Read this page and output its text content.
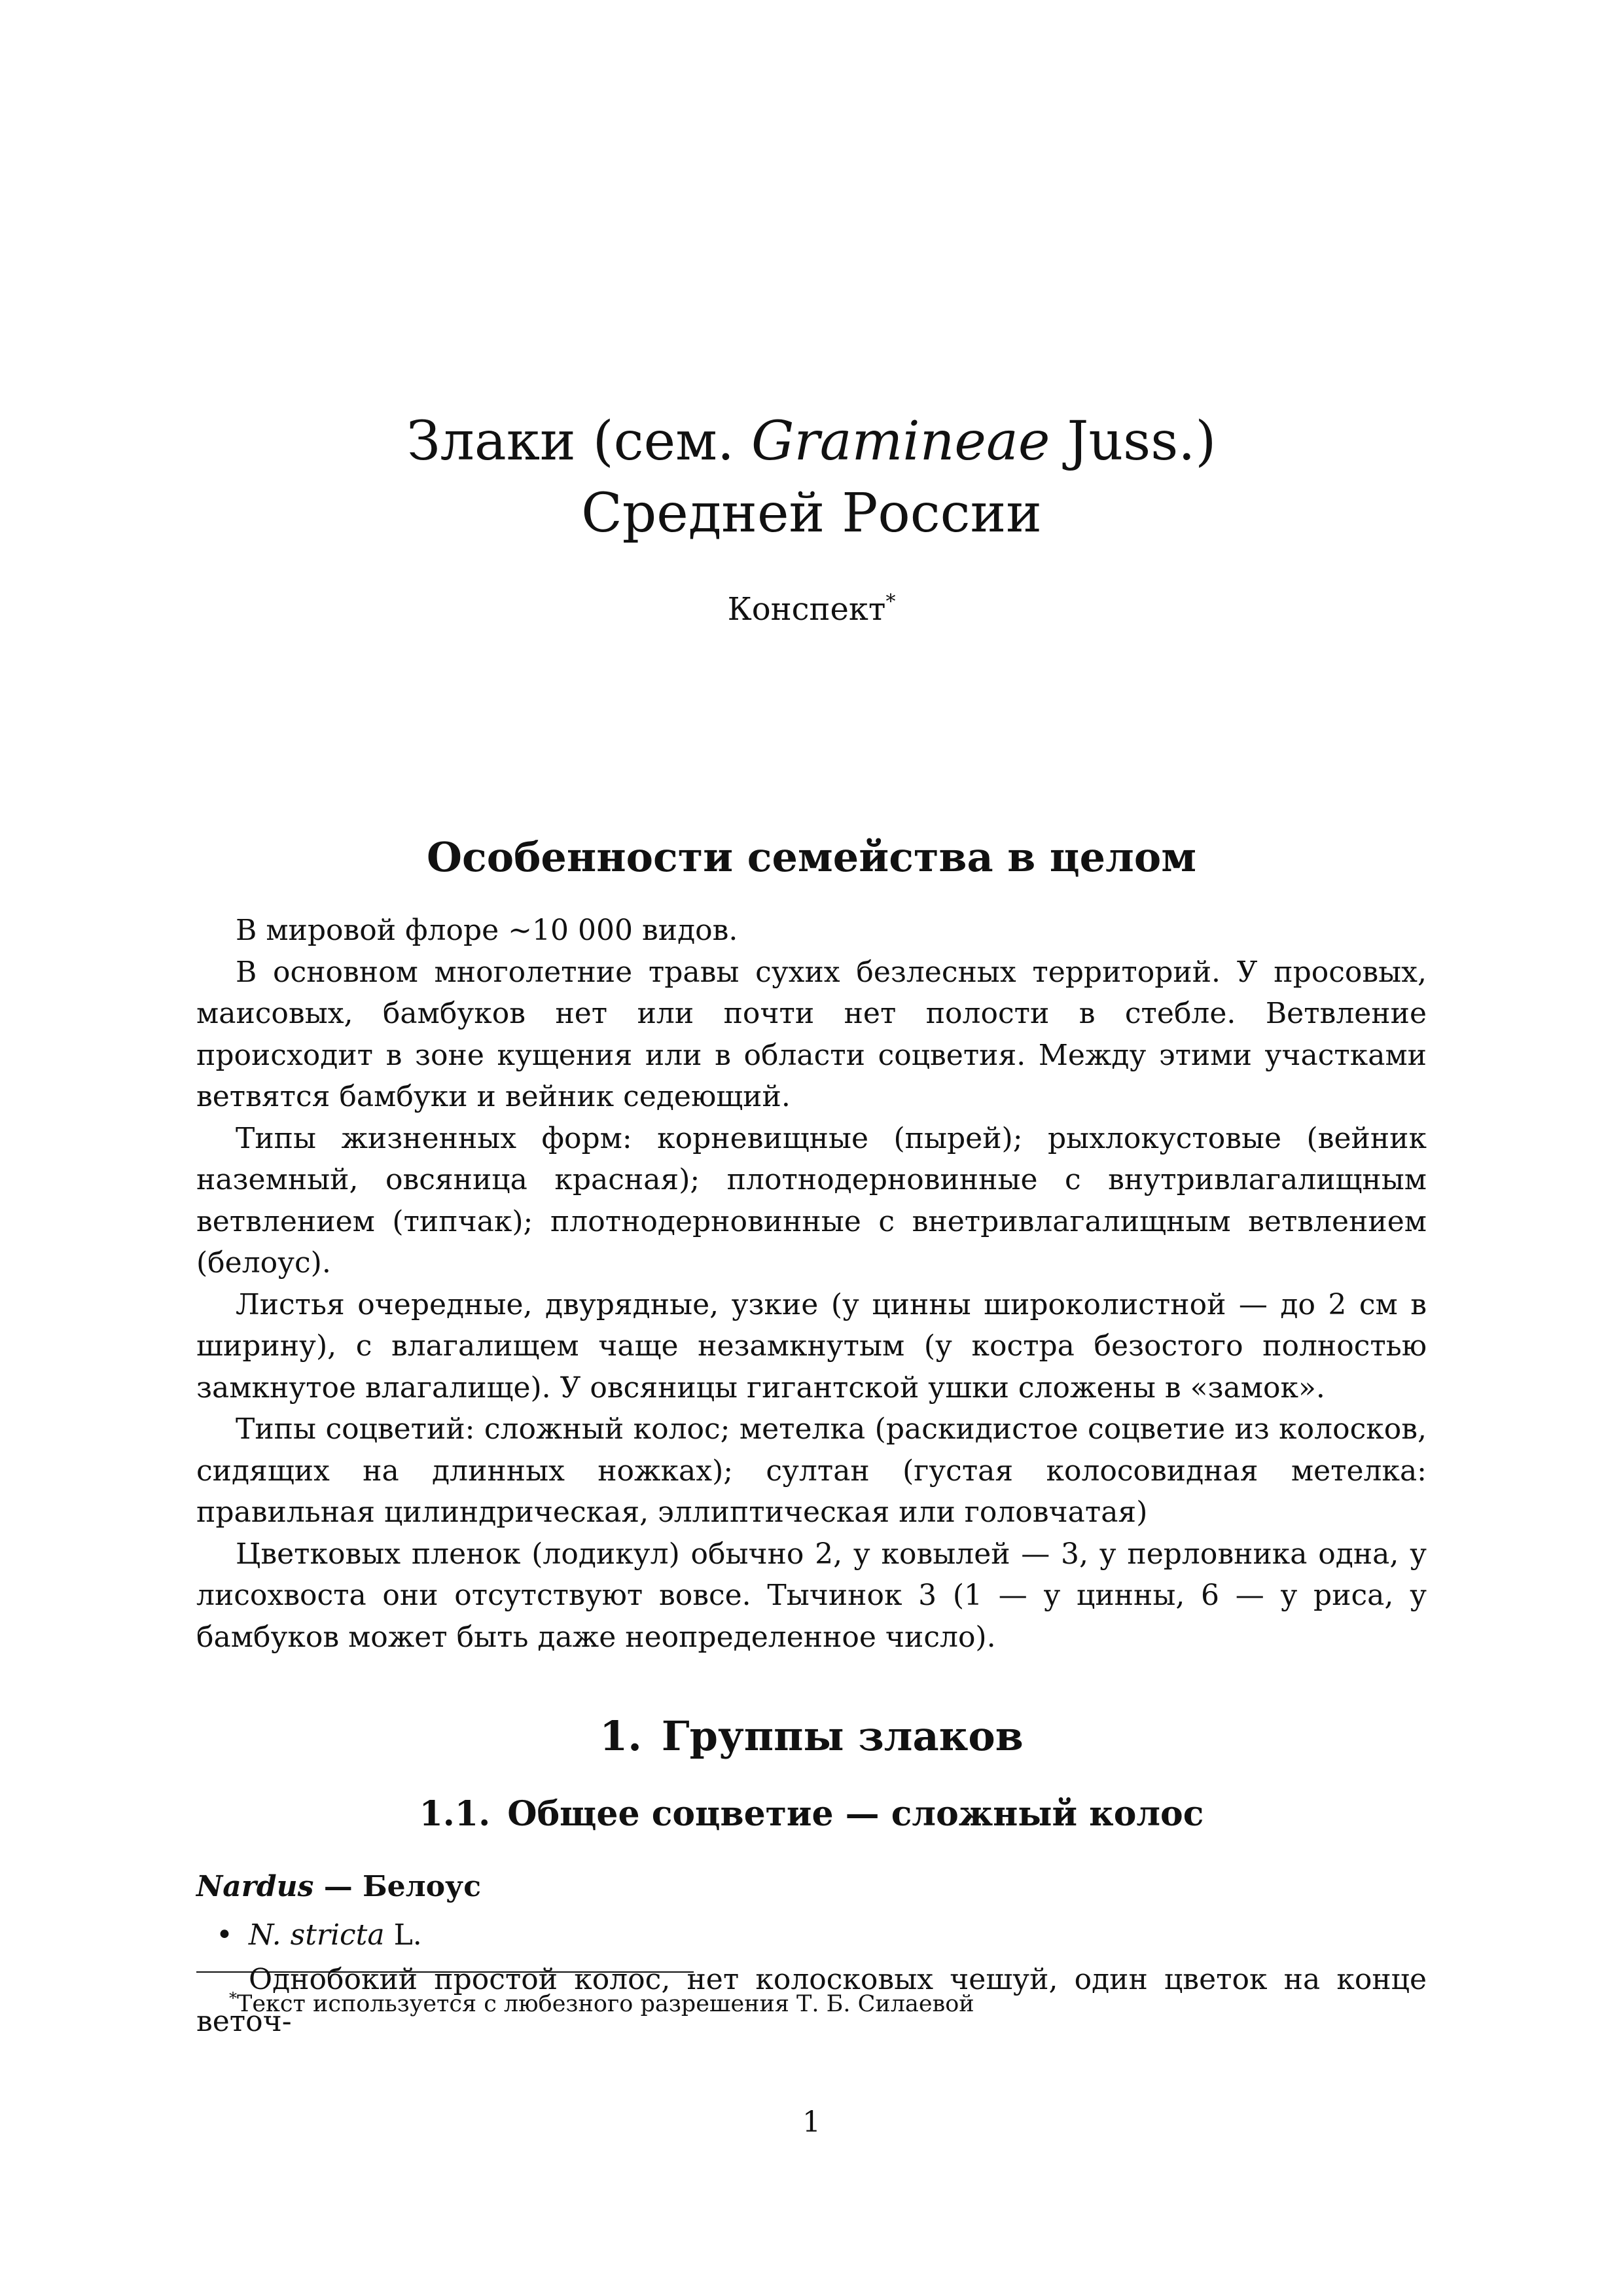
Злаки (сем. Gramineae Juss.)
Средней России
Конспект*
Особенности семейства в целом

В мировой флоре ∼10 000 видов.

В основном многолетние травы сухих безлесных территорий. У просовых, маисовых, бамбуков нет или почти нет полости в стебле. Ветвление происходит в зоне кущения или в области соцветия. Между этими участками ветвятся бамбуки и вейник седеющий.

Типы жизненных форм: корневищные (пырей); рыхлокустовые (вейник наземный, овсяница красная); плотнодерновинные с внутривлагалищным ветвлением (типчак); плотнодерновинные с внетривлагалищным ветвлением (белоус).

Листья очередные, двурядные, узкие (у цинны широколистной — до 2 см в ширину), с влагалищем чаще незамкнутым (у костра безостого полностью замкнутое влагалище). У овсяницы гигантской ушки сложены в «замок».

Типы соцветий: сложный колос; метелка (раскидистое соцветие из колосков, сидящих на длинных ножках); султан (густая колосовидная метелка: правильная цилиндрическая, эллиптическая или головчатая)

Цветковых пленок (лодикул) обычно 2, у ковылей — 3, у перловника одна, у лисохвоста они отсутствуют вовсе. Тычинок 3 (1 — у цинны, 6 — у риса, у бамбуков может быть даже неопределенное число).

1. Группы злаков
1.1. Общее соцветие — сложный колос
Nardus — Белоус
• N. stricta L.

Однобокий простой колос, нет колосковых чешуй, один цветок на конце веточ-

*Текст используется с любезного разрешения Т. Б. Силаевой
1
